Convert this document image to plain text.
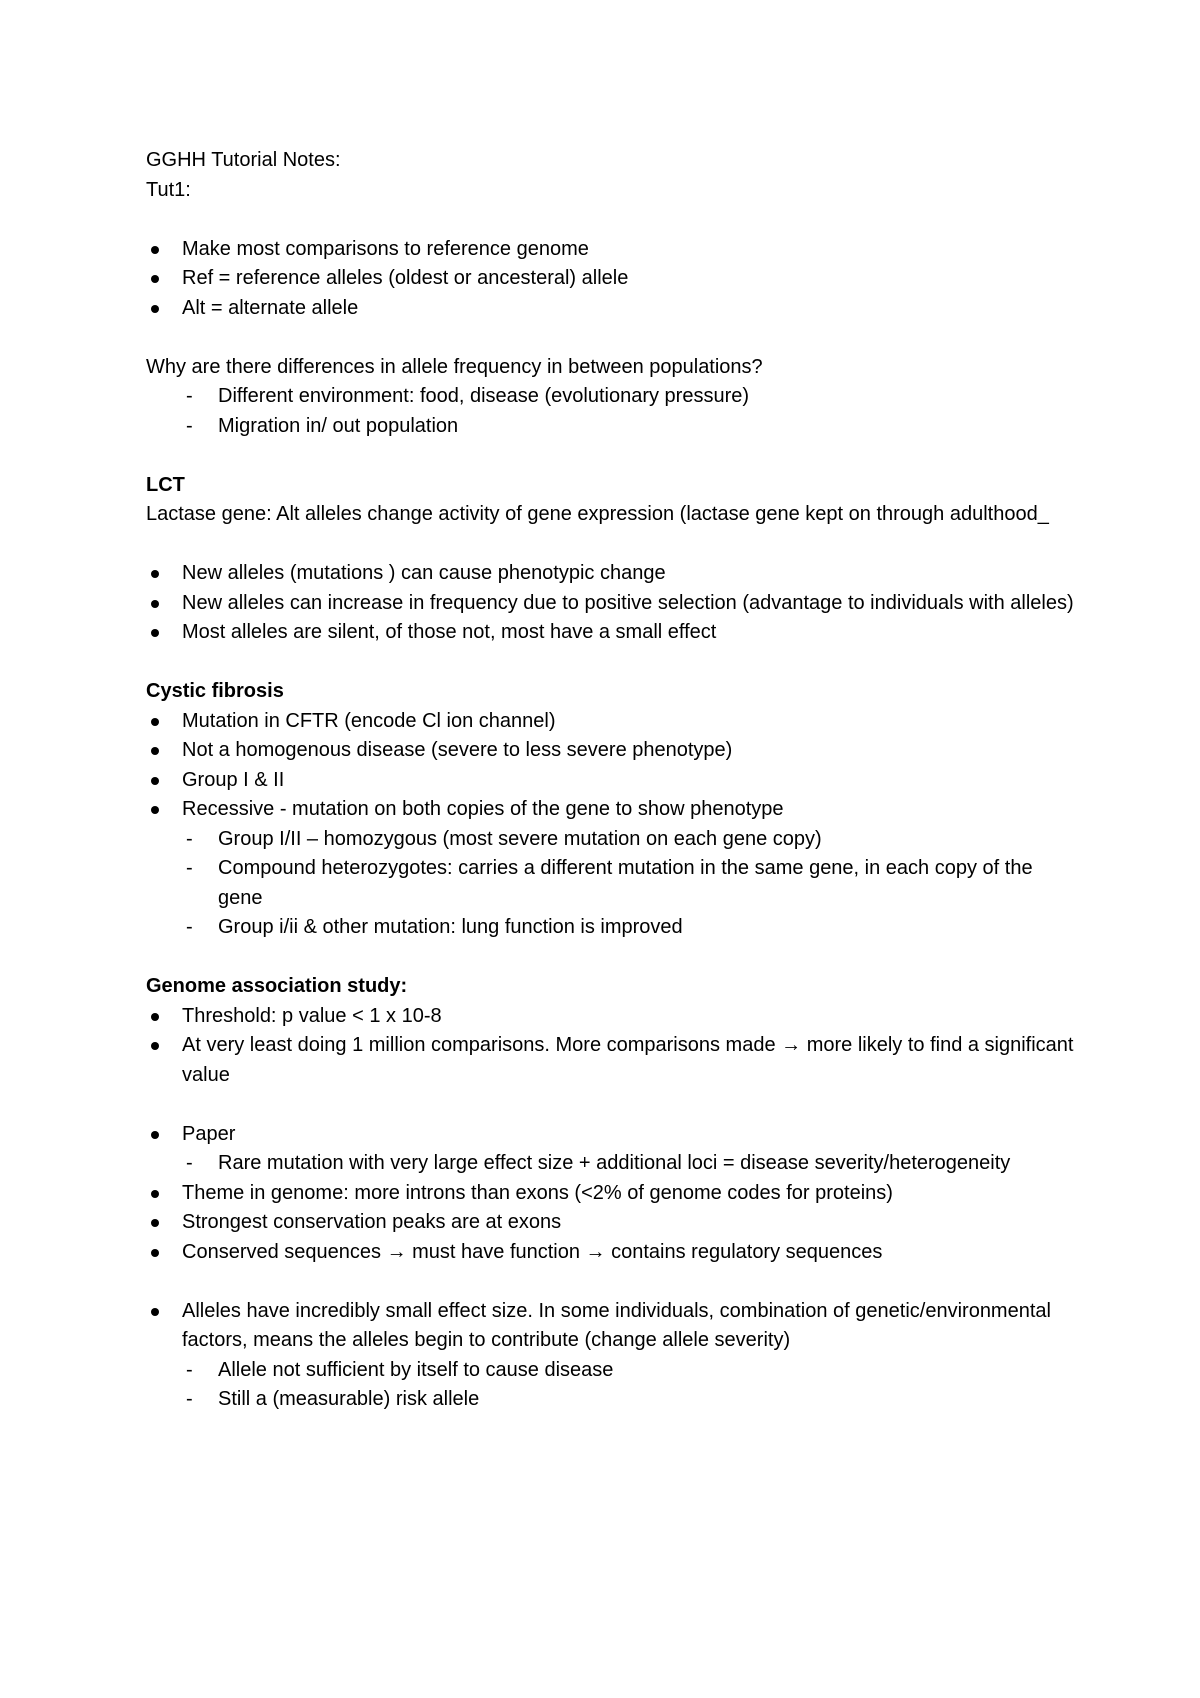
GGHH Tutorial Notes:

Tut1:

Make most comparisons to reference genome
Ref = reference alleles (oldest or ancesteral) allele
Alt = alternate allele

Why are there differences in allele frequency in between populations?

- Different environment: food, disease (evolutionary pressure)
- Migration in/ out population

LCT

Lactase gene: Alt alleles change activity of gene expression (lactase gene kept on through adulthood_

New alleles (mutations ) can cause phenotypic change
New alleles can increase in frequency due to positive selection (advantage to individuals with alleles)
Most alleles are silent, of those not, most have a small effect

Cystic fibrosis

Mutation in CFTR (encode Cl ion channel)
Not a homogenous disease (severe to less severe phenotype)
Group I & II
Recessive - mutation on both copies of the gene to show phenotype
- Group I/II – homozygous (most severe mutation on each gene copy)
- Compound heterozygotes: carries a different mutation in the same gene, in each copy of the gene
- Group i/ii & other mutation: lung function is improved

Genome association study:

Threshold: p value < 1 x 10-8
At very least doing 1 million comparisons. More comparisons made → more likely to find a significant value
Paper
- Rare mutation with very large effect size + additional loci = disease severity/heterogeneity
Theme in genome: more introns than exons (<2% of genome codes for proteins)
Strongest conservation peaks are at exons
Conserved sequences → must have function → contains regulatory sequences
Alleles have incredibly small effect size. In some individuals, combination of genetic/environmental factors, means the alleles begin to contribute (change allele severity)
- Allele not sufficient by itself to cause disease
- Still a (measurable) risk allele
